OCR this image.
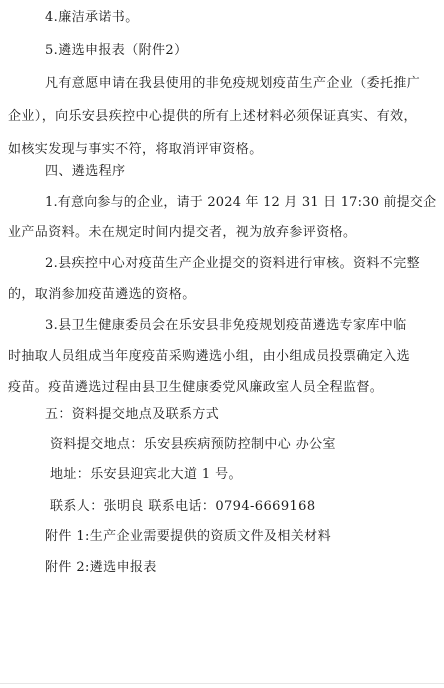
4.廉洁承诺书。
5.遴选申报表（附件2）
凡有意愿申请在我县使用的非免疫规划疫苗生产企业（委托推广
企业），向乐安县疾控中心提供的所有上述材料必须保证真实、有效，
如核实发现与事实不符，将取消评审资格。
四、遴选程序
1.有意向参与的企业，请于 2024 年 12 月 31 日 17:30 前提交企
业产品资料。未在规定时间内提交者，视为放弃参评资格。
2.县疾控中心对疫苗生产企业提交的资料进行审核。资料不完整
的，取消参加疫苗遴选的资格。
3.县卫生健康委员会在乐安县非免疫规划疫苗遴选专家库中临
时抽取人员组成当年度疫苗采购遴选小组，由小组成员投票确定入选
疫苗。疫苗遴选过程由县卫生健康委党风廉政室人员全程监督。
五：资料提交地点及联系方式
资料提交地点：乐安县疾病预防控制中心 办公室
地址：乐安县迎宾北大道 1 号。
联系人：张明良 联系电话：0794-6669168
附件 1:生产企业需要提供的资质文件及相关材料
附件 2:遴选申报表
